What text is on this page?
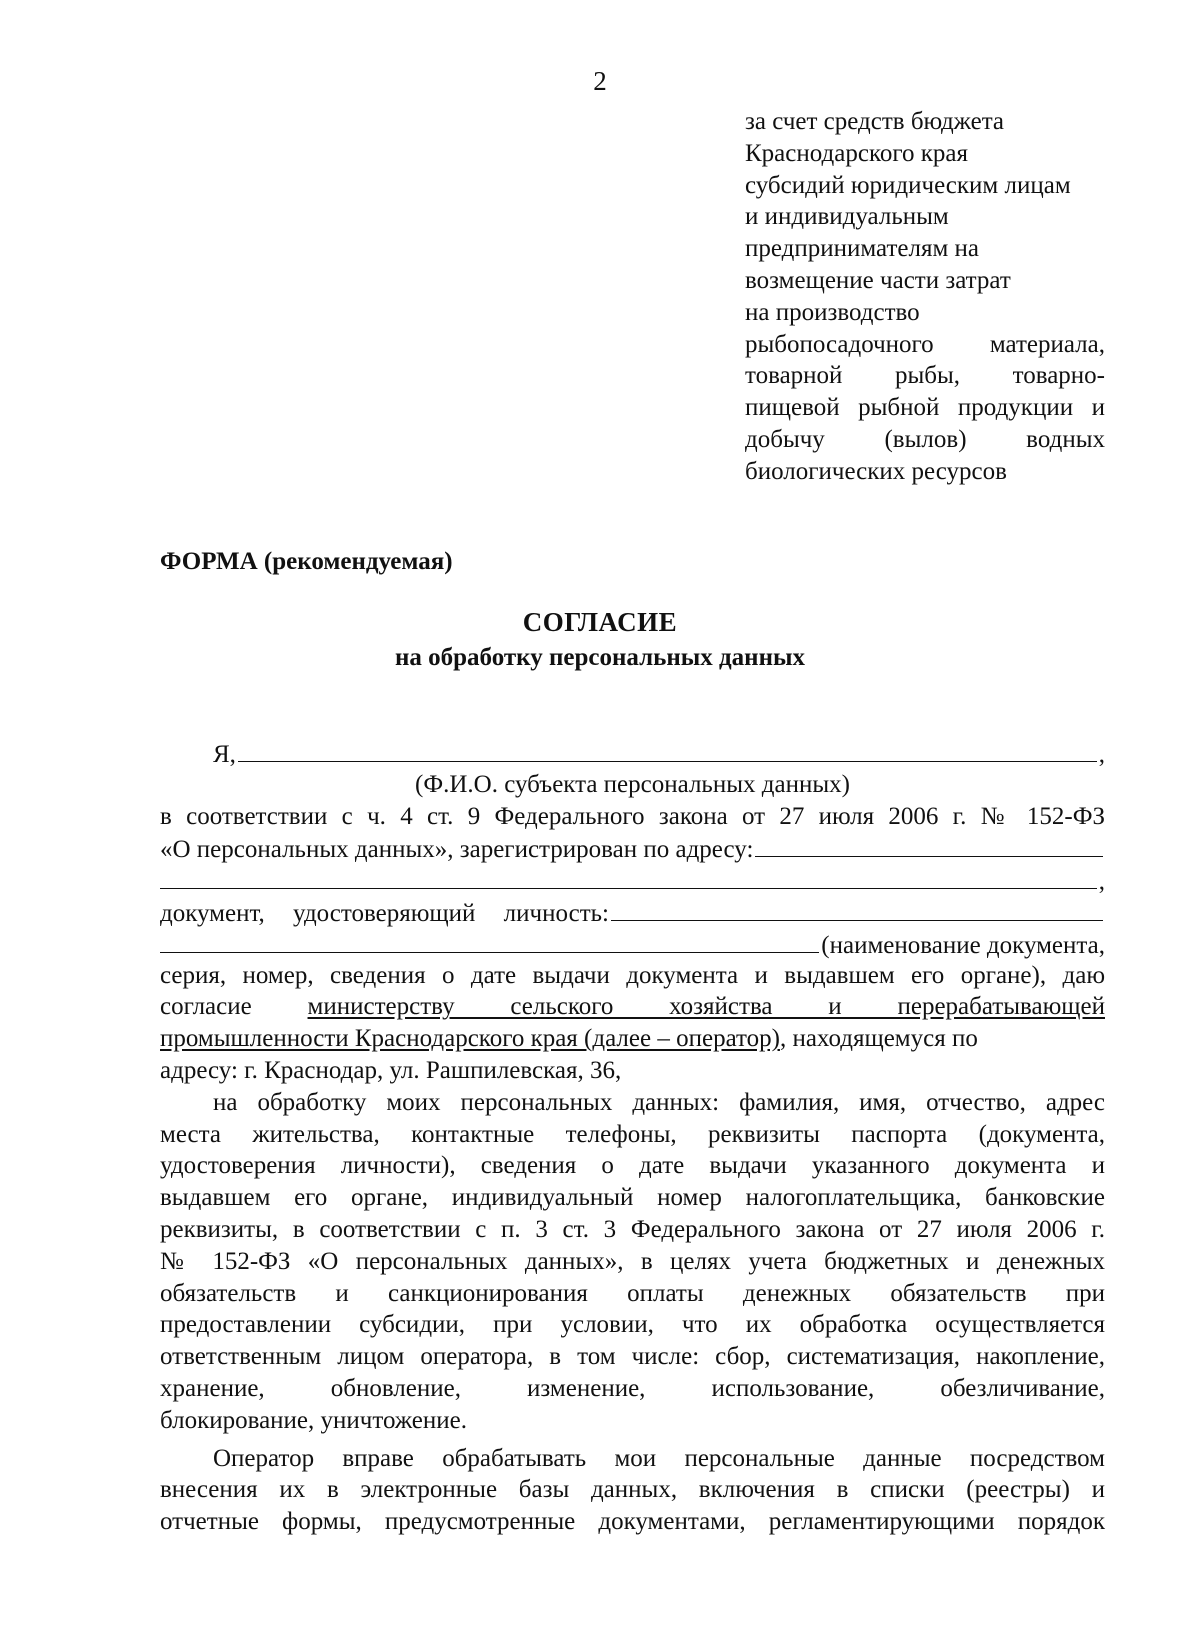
2
за счет средств бюджета
Краснодарского края
субсидий юридическим лицам
и индивидуальным
предпринимателям на
возмещение части затрат
на производство
рыбопосадочного материала,
товарной рыбы, товарно-
пищевой рыбной продукции и
добычу (вылов) водных
биологических ресурсов
ФОРМА (рекомендуемая)
СОГЛАСИЕ
на обработку персональных данных
Я,	,
(Ф.И.О. субъекта персональных данных)
в соответствии с ч. 4 ст. 9 Федерального закона от 27 июля 2006 г. № 152-ФЗ
«О персональных данных», зарегистрирован по адресу:
,
документ, удостоверяющий личность:
(наименование документа,
серия, номер, сведения о дате выдачи документа и выдавшем его органе), даю
согласие министерству сельского хозяйства и перерабатывающей
промышленности Краснодарского края (далее – оператор), находящемуся по
адресу: г. Краснодар, ул. Рашпилевская, 36,
на обработку моих персональных данных: фамилия, имя, отчество, адрес
места жительства, контактные телефоны, реквизиты паспорта (документа,
удостоверения личности), сведения о дате выдачи указанного документа и
выдавшем его органе, индивидуальный номер налогоплательщика, банковские
реквизиты, в соответствии с п. 3 ст. 3 Федерального закона от 27 июля 2006 г.
№ 152-ФЗ «О персональных данных», в целях учета бюджетных и денежных
обязательств и санкционирования оплаты денежных обязательств при
предоставлении субсидии, при условии, что их обработка осуществляется
ответственным лицом оператора, в том числе: сбор, систематизация, накопление,
хранение, обновление, изменение, использование, обезличивание,
блокирование, уничтожение.
Оператор вправе обрабатывать мои персональные данные посредством
внесения их в электронные базы данных, включения в списки (реестры) и
отчетные формы, предусмотренные документами, регламентирующими порядок
